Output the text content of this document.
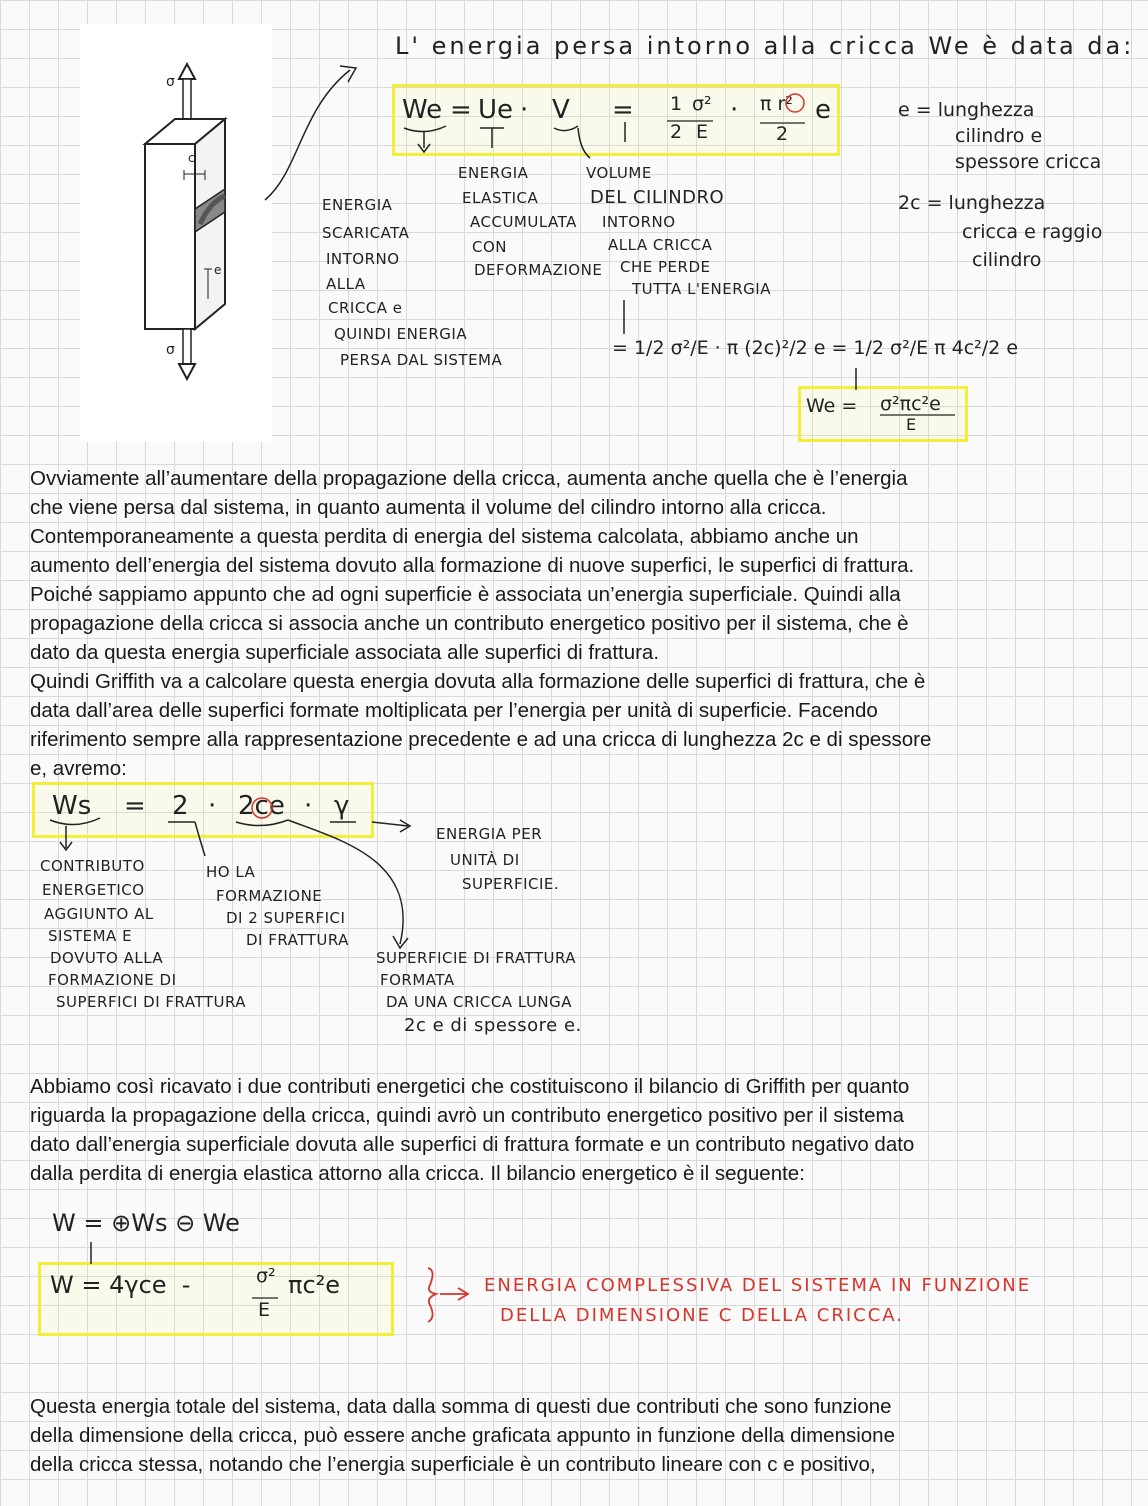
σ
σ
c
e
L' energia persa intorno alla cricca We è data da:
We = Ue · V = 1
2
σ²
E
· π r²
2
e	e = lunghezza
cilindro e
spessore cricca
2c = lunghezza
cricca e raggio
cilindro
ENERGIA
SCARICATA
INTORNO
ALLA
CRICCA e
QUINDI ENERGIA
PERSA DAL SISTEMA
ENERGIA
ELASTICA
ACCUMULATA
CON
DEFORMAZIONE
VOLUME
DEL CILINDRO
INTORNO
ALLA CRICCA
CHE PERDE
TUTTA L'ENERGIA
= 1/2 σ²/E · π (2c)²/2 e = 1/2 σ²/E π 4c²/2 e
We = σ²πc²e
E
Ovviamente all’aumentare della propagazione della cricca, aumenta anche quella che è l’energia
che viene persa dal sistema, in quanto aumenta il volume del cilindro intorno alla cricca.
Contemporaneamente a questa perdita di energia del sistema calcolata, abbiamo anche un
aumento dell’energia del sistema dovuto alla formazione di nuove superfici, le superfici di frattura.
Poiché sappiamo appunto che ad ogni superficie è associata un’energia superficiale. Quindi alla
propagazione della cricca si associa anche un contributo energetico positivo per il sistema, che è
dato da questa energia superficiale associata alle superfici di frattura.
Quindi Griffith va a calcolare questa energia dovuta alla formazione delle superfici di frattura, che è
data dall’area delle superfici formate moltiplicata per l’energia per unità di superficie. Facendo
riferimento sempre alla rappresentazione precedente e ad una cricca di lunghezza 2c e di spessore
e, avremo:
Ws = 2 · 2ce · γ
CONTRIBUTO
ENERGETICO
AGGIUNTO AL
SISTEMA E
DOVUTO ALLA
FORMAZIONE DI
SUPERFICI DI FRATTURA
HO LA
FORMAZIONE
DI 2 SUPERFICI
DI FRATTURA
ENERGIA PER
UNITÀ DI
SUPERFICIE.
SUPERFICIE DI FRATTURA
FORMATA
DA UNA CRICCA LUNGA
2c e di spessore e.
Abbiamo così ricavato i due contributi energetici che costituiscono il bilancio di Griffith per quanto
riguarda la propagazione della cricca, quindi avrò un contributo energetico positivo per il sistema
dato dall’energia superficiale dovuta alle superfici di frattura formate e un contributo negativo dato
dalla perdita di energia elastica attorno alla cricca. Il bilancio energetico è il seguente:
W = ⊕Ws ⊖ We
W = 4γce  -	σ²
E
πc²e	ENERGIA COMPLESSIVA DEL SISTEMA IN FUNZIONE
DELLA DIMENSIONE C DELLA CRICCA.
Questa energia totale del sistema, data dalla somma di questi due contributi che sono funzione
della dimensione della cricca, può essere anche graficata appunto in funzione della dimensione
della cricca stessa, notando che l’energia superficiale è un contributo lineare con c e positivo,
